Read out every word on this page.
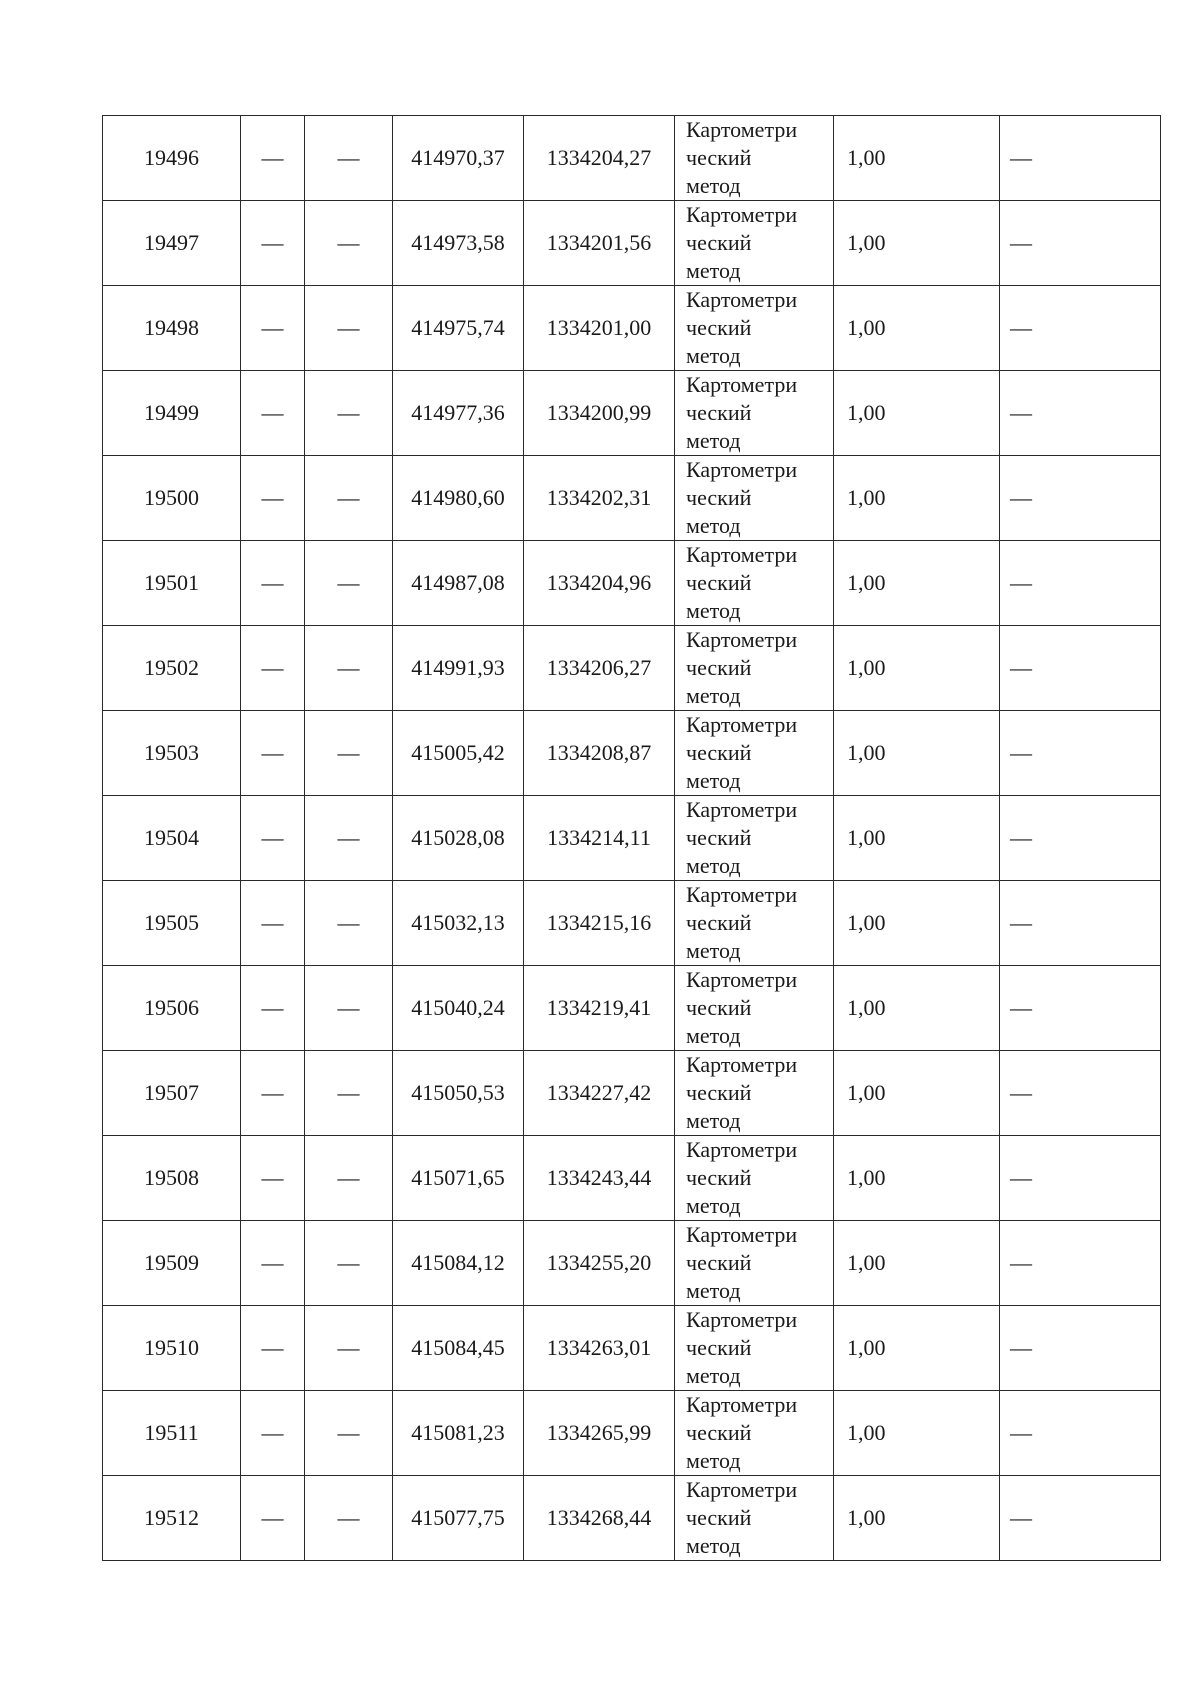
19496	—	—	414970,37	1334204,27	Картометри
ческий
метод	1,00	—
19497	—	—	414973,58	1334201,56	Картометри
ческий
метод	1,00	—
19498	—	—	414975,74	1334201,00	Картометри
ческий
метод	1,00	—
19499	—	—	414977,36	1334200,99	Картометри
ческий
метод	1,00	—
19500	—	—	414980,60	1334202,31	Картометри
ческий
метод	1,00	—
19501	—	—	414987,08	1334204,96	Картометри
ческий
метод	1,00	—
19502	—	—	414991,93	1334206,27	Картометри
ческий
метод	1,00	—
19503	—	—	415005,42	1334208,87	Картометри
ческий
метод	1,00	—
19504	—	—	415028,08	1334214,11	Картометри
ческий
метод	1,00	—
19505	—	—	415032,13	1334215,16	Картометри
ческий
метод	1,00	—
19506	—	—	415040,24	1334219,41	Картометри
ческий
метод	1,00	—
19507	—	—	415050,53	1334227,42	Картометри
ческий
метод	1,00	—
19508	—	—	415071,65	1334243,44	Картометри
ческий
метод	1,00	—
19509	—	—	415084,12	1334255,20	Картометри
ческий
метод	1,00	—
19510	—	—	415084,45	1334263,01	Картометри
ческий
метод	1,00	—
19511	—	—	415081,23	1334265,99	Картометри
ческий
метод	1,00	—
19512	—	—	415077,75	1334268,44	Картометри
ческий
метод	1,00	—
